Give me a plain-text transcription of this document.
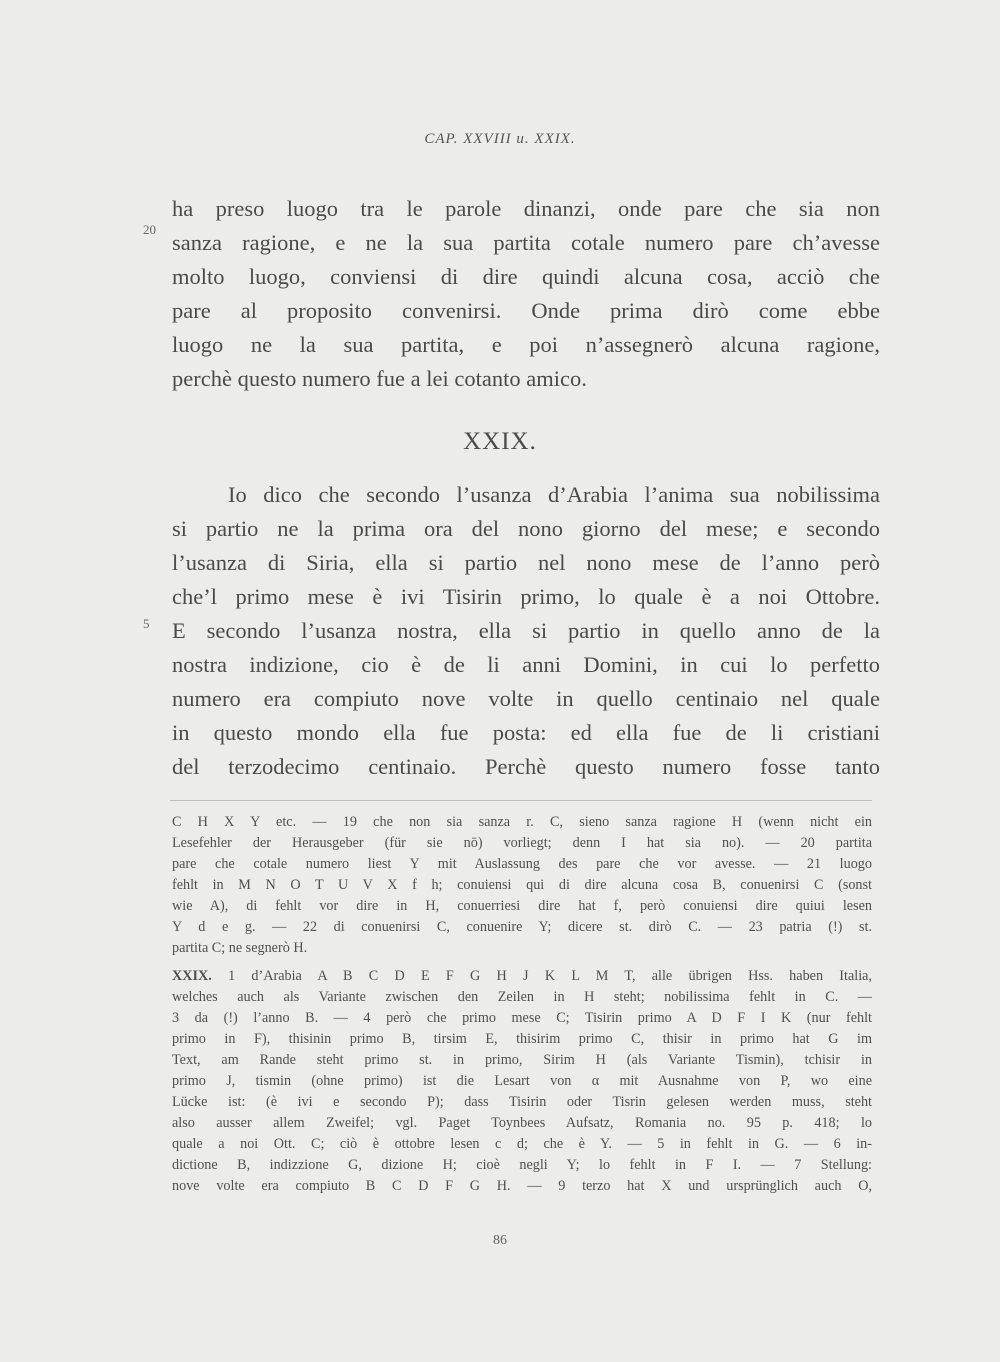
CAP. XXVIII u. XXIX.
ha preso luogo tra le parole dinanzi, onde pare che sia non
20
sanza ragione, e ne la sua partita cotale numero pare ch’avesse
molto luogo, conviensi di dire quindi alcuna cosa, acciò che
pare al proposito convenirsi. Onde prima dirò come ebbe
luogo ne la sua partita, e poi n’assegnerò alcuna ragione,
perchè questo numero fue a lei cotanto amico.
XXIX.
Io dico che secondo l’usanza d’Arabia l’anima sua nobilissima
si partio ne la prima ora del nono giorno del mese; e secondo
l’usanza di Siria, ella si partio nel nono mese de l’anno però
che’l primo mese è ivi Tisirin primo, lo quale è a noi Ottobre.
5 E secondo l’usanza nostra, ella si partio in quello anno de la
nostra indizione, cio è de li anni Domini, in cui lo perfetto
numero era compiuto nove volte in quello centinaio nel quale
in questo mondo ella fue posta: ed ella fue de li cristiani
del terzodecimo centinaio. Perchè questo numero fosse tanto
C H X Y etc. — 19 che non sia sanza r. C, sieno sanza ragione H (wenn nicht ein
Lesefehler der Herausgeber (für sie nō) vorliegt; denn I hat sia no). — 20 partita
pare che cotale numero liest Y mit Auslassung des pare che vor avesse. — 21 luogo
fehlt in M N O T U V X f h; conuiensi qui di dire alcuna cosa B, conuenirsi C (sonst
wie A), di fehlt vor dire in H, conuerriesi dire hat f, però conuiensi dire quiui lesen
Y d e g. — 22 di conuenirsi C, conuenire Y; dicere st. dirò C. — 23 patria (!) st.
partita C; ne segnerò H.
XXIX. 1 d’Arabia A B C D E F G H J K L M T, alle übrigen Hss. haben Italia,
welches auch als Variante zwischen den Zeilen in H steht; nobilissima fehlt in C. —
3 da (!) l’anno B. — 4 però che primo mese C; Tisirin primo A D F I K (nur fehlt
primo in F), thisinin primo B, tirsim E, thisirim primo C, thisir in primo hat G im
Text, am Rande steht primo st. in primo, Sirim H (als Variante Tismin), tchisir in
primo J, tismin (ohne primo) ist die Lesart von α mit Ausnahme von P, wo eine
Lücke ist: (è ivi e secondo P); dass Tisirin oder Tisrin gelesen werden muss, steht
also ausser allem Zweifel; vgl. Paget Toynbees Aufsatz, Romania no. 95 p. 418; lo
quale a noi Ott. C; ciò è ottobre lesen c d; che è Y. — 5 in fehlt in G. — 6 in-
dictione B, indizzione G, dizione H; cioè negli Y; lo fehlt in F I. — 7 Stellung:
nove volte era compiuto B C D F G H. — 9 terzo hat X und ursprünglich auch O,
86
